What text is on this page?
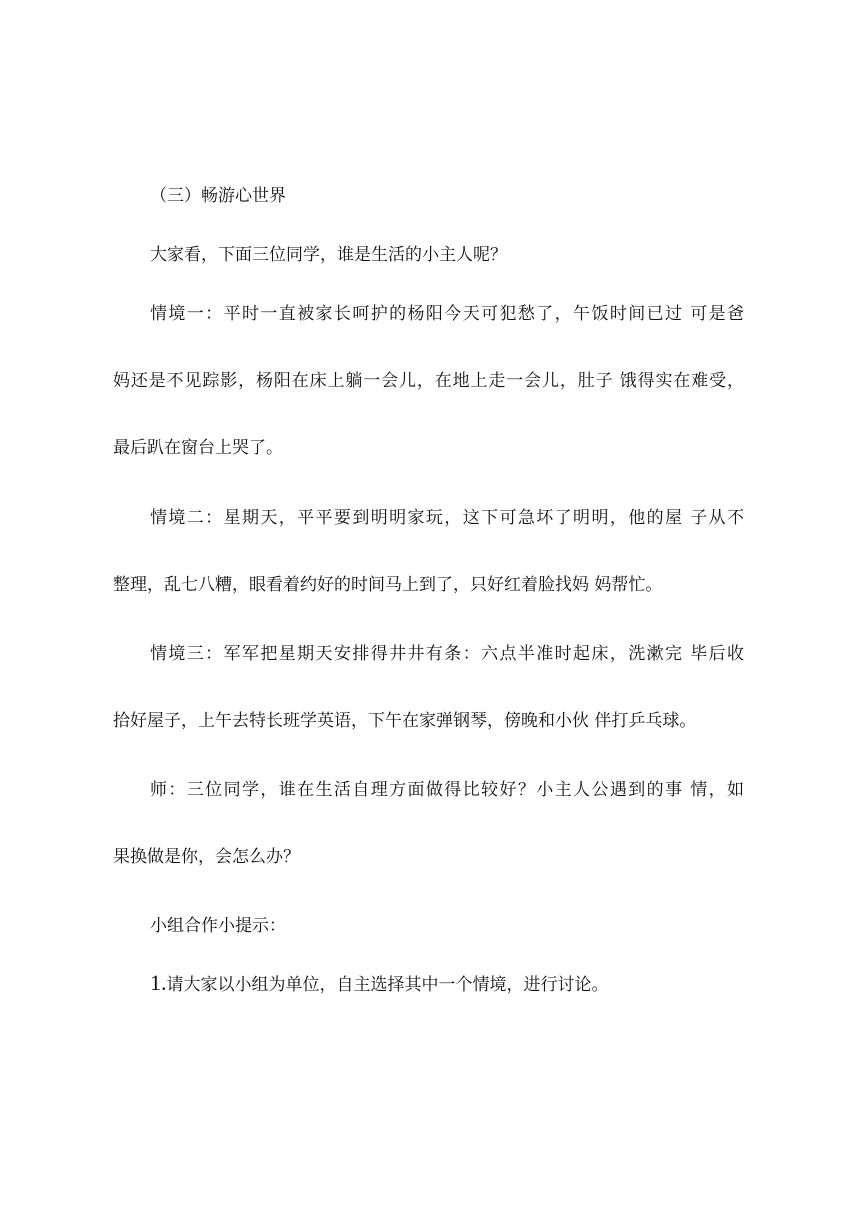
（三）畅游心世界

大家看，下面三位同学，谁是生活的小主人呢？

情境一：平时一直被家长呵护的杨阳今天可犯愁了，午饭时间已过 可是爸

妈还是不见踪影，杨阳在床上躺一会儿，在地上走一会儿，肚子 饿得实在难受，

最后趴在窗台上哭了。

情境二：星期天，平平要到明明家玩，这下可急坏了明明，他的屋 子从不

整理，乱七八糟，眼看着约好的时间马上到了，只好红着脸找妈 妈帮忙。

情境三：军军把星期天安排得井井有条：六点半准时起床，洗漱完 毕后收

拾好屋子，上午去特长班学英语，下午在家弹钢琴，傍晚和小伙 伴打乒乓球。

师：三位同学，谁在生活自理方面做得比较好？小主人公遇到的事 情，如

果换做是你，会怎么办？

小组合作小提示：

1.请大家以小组为单位，自主选择其中一个情境，进行讨论。
